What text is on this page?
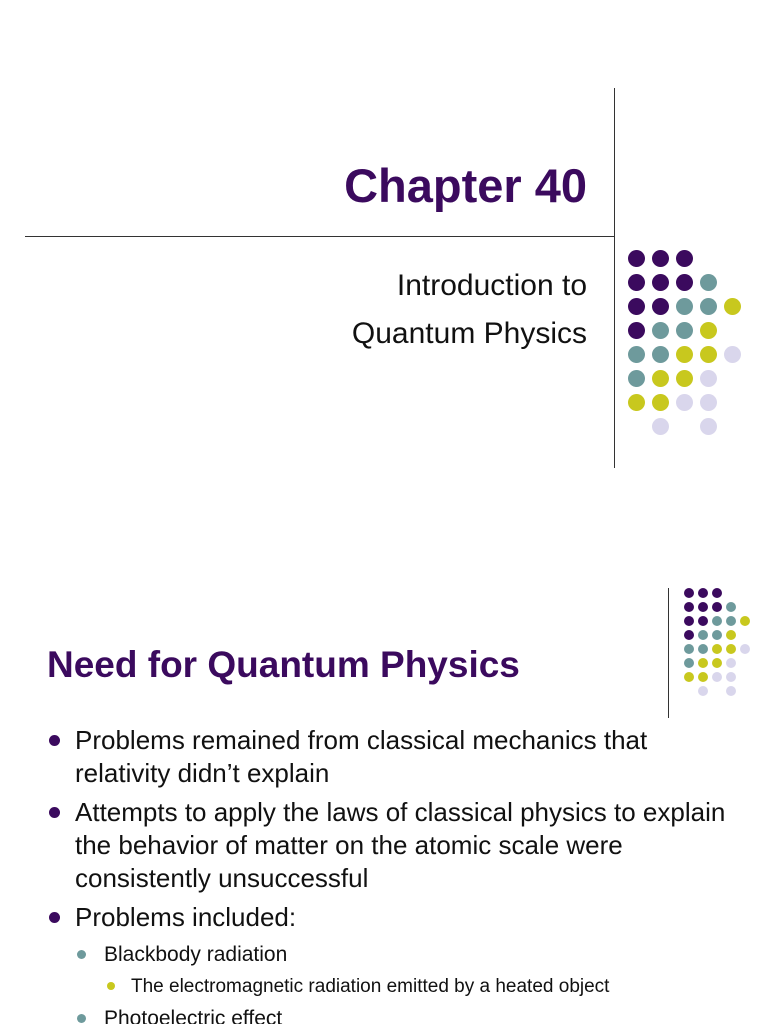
Chapter 40
Introduction to
Quantum Physics
Need for Quantum Physics
Problems remained from classical mechanics that relativity didn’t explain
Attempts to apply the laws of classical physics to explain the behavior of matter on the atomic scale were consistently unsuccessful
Problems included:
Blackbody radiation
The electromagnetic radiation emitted by a heated object
Photoelectric effect
